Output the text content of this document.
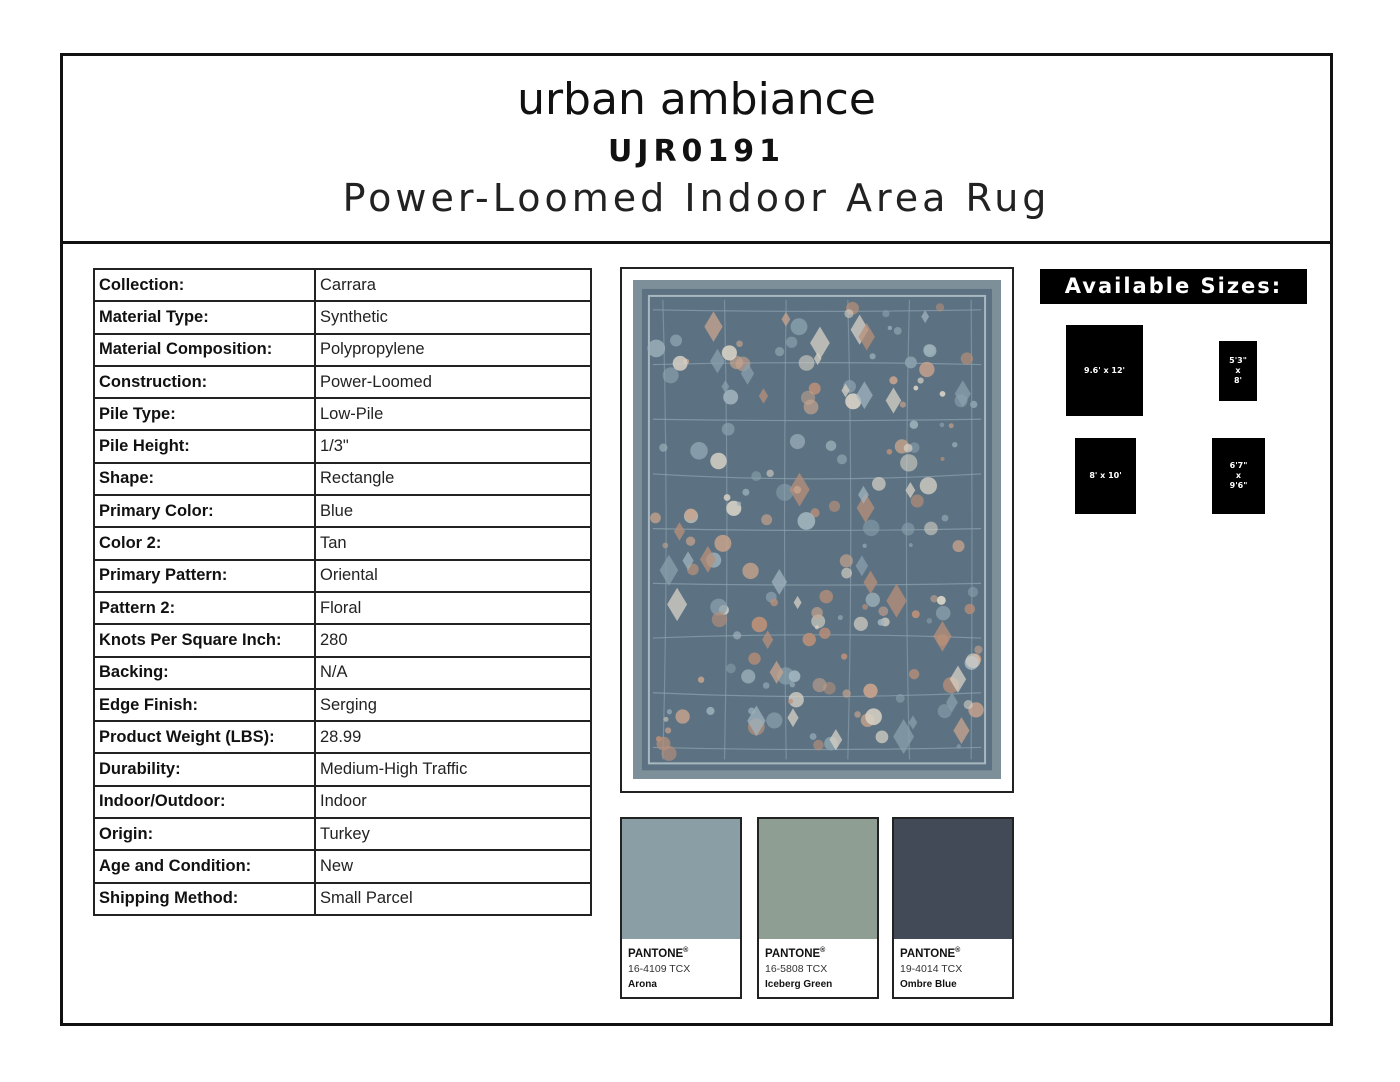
urban ambiance
UJR0191
Power-Loomed Indoor Area Rug
Collection:	Carrara
Material Type:	Synthetic
Material Composition:	Polypropylene
Construction:	Power-Loomed
Pile Type:	Low-Pile
Pile Height:	1/3"
Shape:	Rectangle
Primary Color:	Blue
Color 2:	Tan
Primary Pattern:	Oriental
Pattern 2:	Floral
Knots Per Square Inch:	280
Backing:	N/A
Edge Finish:	Serging
Product Weight (LBS):	28.99
Durability:	Medium-High Traffic
Indoor/Outdoor:	Indoor
Origin:	Turkey
Age and Condition:	New
Shipping Method:	Small Parcel
PANTONE®
16-4109 TCX
Arona
PANTONE®
16-5808 TCX
Iceberg Green
PANTONE®
19-4014 TCX
Ombre Blue
Available Sizes:
9.6' x 12'
5'3"
x
8'
8' x 10'
6'7"
x
9'6"
